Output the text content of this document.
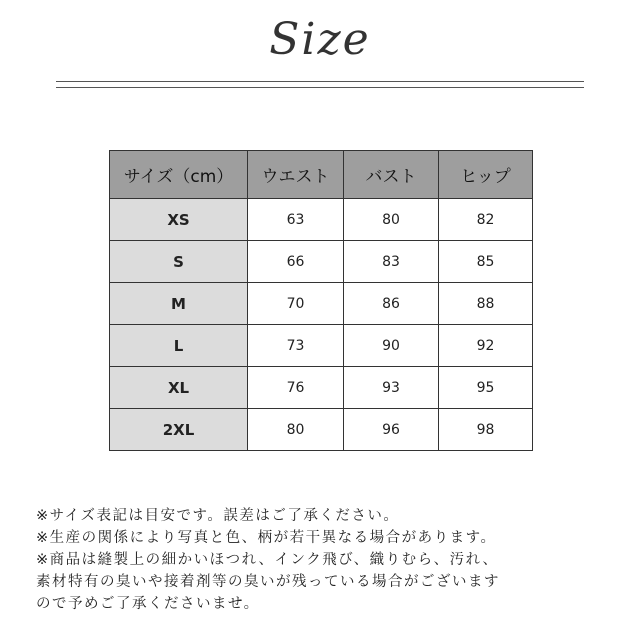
Size
サイズ（cm）	ウエスト	バスト	ヒップ
XS	63	80	82
S	66	83	85
M	70	86	88
L	73	90	92
XL	76	93	95
2XL	80	96	98
※サイズ表記は目安です。誤差はご了承ください。
※生産の関係により写真と色、柄が若干異なる場合があります。
※商品は縫製上の細かいほつれ、インク飛び、織りむら、汚れ、
素材特有の臭いや接着剤等の臭いが残っている場合がございます
ので予めご了承くださいませ。
